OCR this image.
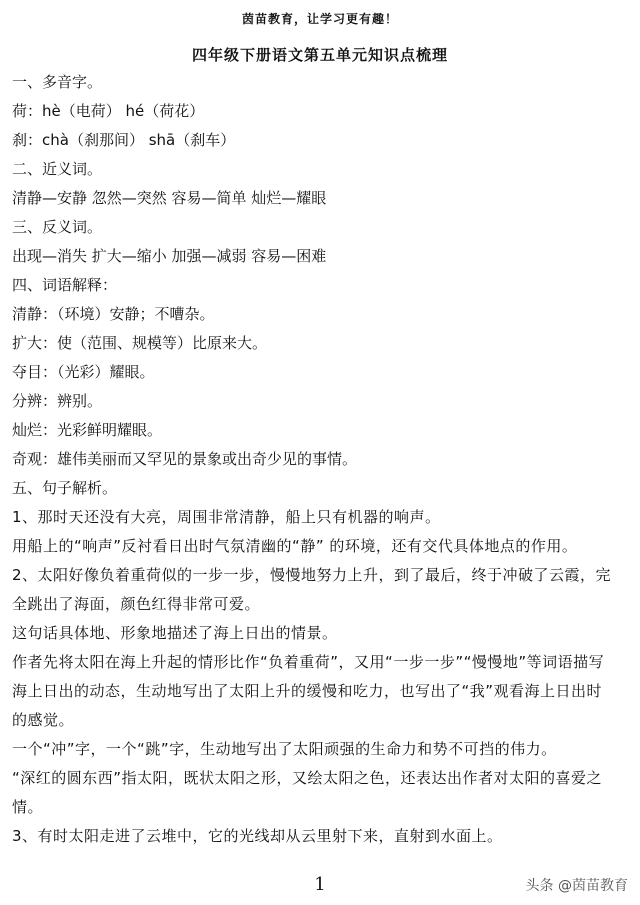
茵苗教育，让学习更有趣！
四年级下册语文第五单元知识点梳理
一、多音字。
荷：hè（电荷） hé（荷花）
刹：chà（刹那间） shā（刹车）
二、近义词。
清静—安静 忽然—突然 容易—简单 灿烂—耀眼
三、反义词。
出现—消失 扩大—缩小 加强—减弱 容易—困难
四、词语解释：
清静：（环境）安静；不嘈杂。
扩大：使（范围、规模等）比原来大。
夺目：（光彩）耀眼。
分辨：辨别。
灿烂：光彩鲜明耀眼。
奇观：雄伟美丽而又罕见的景象或出奇少见的事情。
五、句子解析。
1、那时天还没有大亮，周围非常清静，船上只有机器的响声。
用船上的“响声”反衬看日出时气氛清幽的“静” 的环境，还有交代具体地点的作用。
2、太阳好像负着重荷似的一步一步，慢慢地努力上升，到了最后，终于冲破了云霞，完全跳出了海面，颜色红得非常可爱。
这句话具体地、形象地描述了海上日出的情景。
作者先将太阳在海上升起的情形比作“负着重荷”，又用“一步一步”“慢慢地”等词语描写海上日出的动态，生动地写出了太阳上升的缓慢和吃力，也写出了“我”观看海上日出时的感觉。
一个“冲”字，一个“跳”字，生动地写出了太阳顽强的生命力和势不可挡的伟力。
“深红的圆东西”指太阳，既状太阳之形，又绘太阳之色，还表达出作者对太阳的喜爱之情。
3、有时太阳走进了云堆中，它的光线却从云里射下来，直射到水面上。
1	头条 @茵苗教育
